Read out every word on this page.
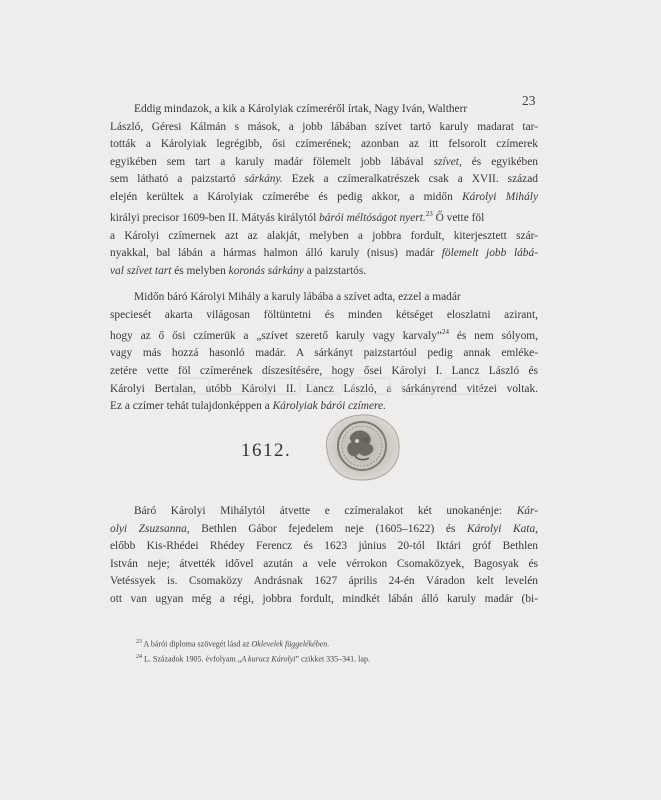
23
Eddig mindazok, a kik a Károlyiak czímeréről írtak, Nagy Iván, Waltherr
László, Géresi Kálmán s mások, a jobb lábában szívet tartó karuly madarat tar-
tották a Károlyiak legrégibb, ősi czímerének; azonban az itt felsorolt czímerek
egyikében sem tart a karuly madár fölemelt jobb lábával szívet, és egyikében
sem látható a paizstartó sárkány. Ezek a czímeralkatrészek csak a XVII. század
elején kerültek a Károlyiak czímerébe és pedig akkor, a midőn Károlyi Mihály
királyi precisor 1609-ben II. Mátyás királytól bárói méltóságot nyert.$^{23}$ Ő vette föl
a Károlyi czímernek azt az alakját, melyben a jobbra fordult, kiterjesztett szár-
nyakkal, bal lábán a hármas halmon álló karuly (nisus) madár fölemelt jobb lábá-
val szívet tart és melyben koronás sárkány a paizstartós.
Midőn báró Károlyi Mihály a karuly lábába a szívet adta, ezzel a madár
speciesét akarta világosan föltüntetni és minden kétséget eloszlatni azirant,
hogy az ő ősi czímerük a „szívet szerető karuly vagy karvaly”$^{24}$ és nem sólyom,
vagy más hozzá hasonló madár. A sárkányt paizstartóul pedig annak emléke-
zetére vette föl czímerének díszesítésére, hogy ősei Károlyi I. Lancz László és
Károlyi Bertalan, utóbb Károlyi II. Lancz László, a sárkányrend vitézei voltak.
Ez a czímer tehát tulajdonképpen a Károlyiak bárói czímere.
1612.
Báró Károlyi Mihálytól átvette e czímeralakot két unokanénje: Kár-
olyi Zsuzsanna, Bethlen Gábor fejedelem neje (1605–1622) és Károlyi Kata,
előbb Kis-Rhédei Rhédey Ferencz és 1623 június 20-tól Iktári gróf Bethlen
István neje; átvették idővel azután a vele vérrokon Csomaközyek, Bagosyak és
Vetéssyek is. Csomaközy Andrásnak 1627 április 24-én Váradon kelt levelén
ott van ugyan még a régi, jobbra fordult, mindkét lábán álló karuly madár (bi-
$^{23}$ A bárói diploma szövegét lásd az Oklevelek függelékében.
$^{24}$ L. Századok 1905. évfolyam „A kurucz Károlyi” czikket 335–341. lap.
